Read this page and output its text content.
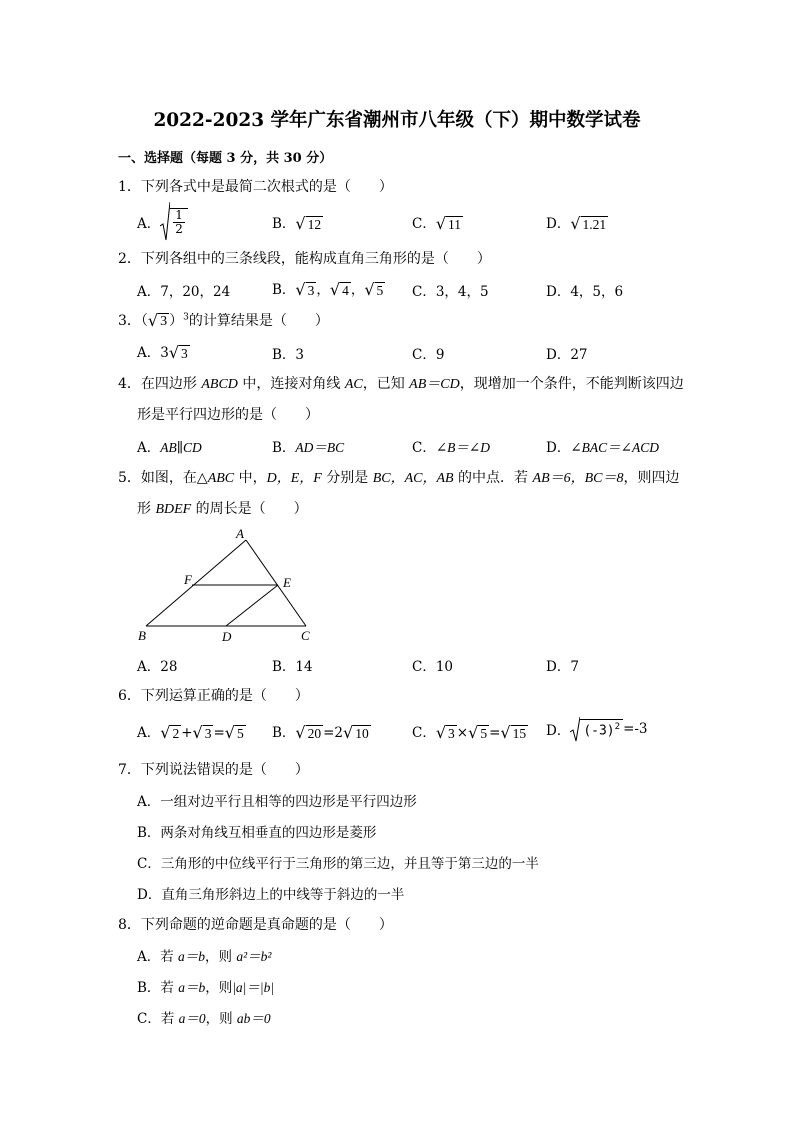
2022-2023 学年广东省潮州市八年级（下）期中数学试卷
一、选择题（每题 3 分，共 30 分）
1．下列各式中是最简二次根式的是（　　）
A． $\frac{1}{2}$	B． √ 12	C． √ 11	D． √ 1.21
2．下列各组中的三条线段，能构成直角三角形的是（　　）
A．7，20，24	B． √ 3 ， √ 4 ， √ 5 C．3，4，5	D．4，5，6
3．（ √ 3 ）$^3$的计算结果是（　　）
A．3 √ 3	B．3	C．9	D．27
4．在四边形 ABCD 中，连接对角线 AC，已知 AB＝CD，现增加一个条件，不能判断该四边
形是平行四边形的是（　　）
A．AB∥CD	B．AD＝BC	C．∠B＝∠D	D．∠BAC＝∠ACD
5．如图，在△ABC 中，D，E，F 分别是 BC，AC，AB 的中点．若 AB＝6，BC＝8，则四边
形 BDEF 的周长是（　　）
A
B	C
D
E
F
A．28	B．14	C．10	D．7
6．下列运算正确的是（　　）
A． √ 2 + √ 3 = √ 5 B． √ 20 =2 √ 10	C． √ 3 × √ 5 = √ 15 D． $(-3)^2 =-3$
7．下列说法错误的是（　　）
A．一组对边平行且相等的四边形是平行四边形
B．两条对角线互相垂直的四边形是菱形
C．三角形的中位线平行于三角形的第三边，并且等于第三边的一半
D．直角三角形斜边上的中线等于斜边的一半
8．下列命题的逆命题是真命题的是（　　）
A．若 a＝b，则 a²＝b²
B．若 a＝b，则|a|＝|b|
C．若 a＝0，则 ab＝0
